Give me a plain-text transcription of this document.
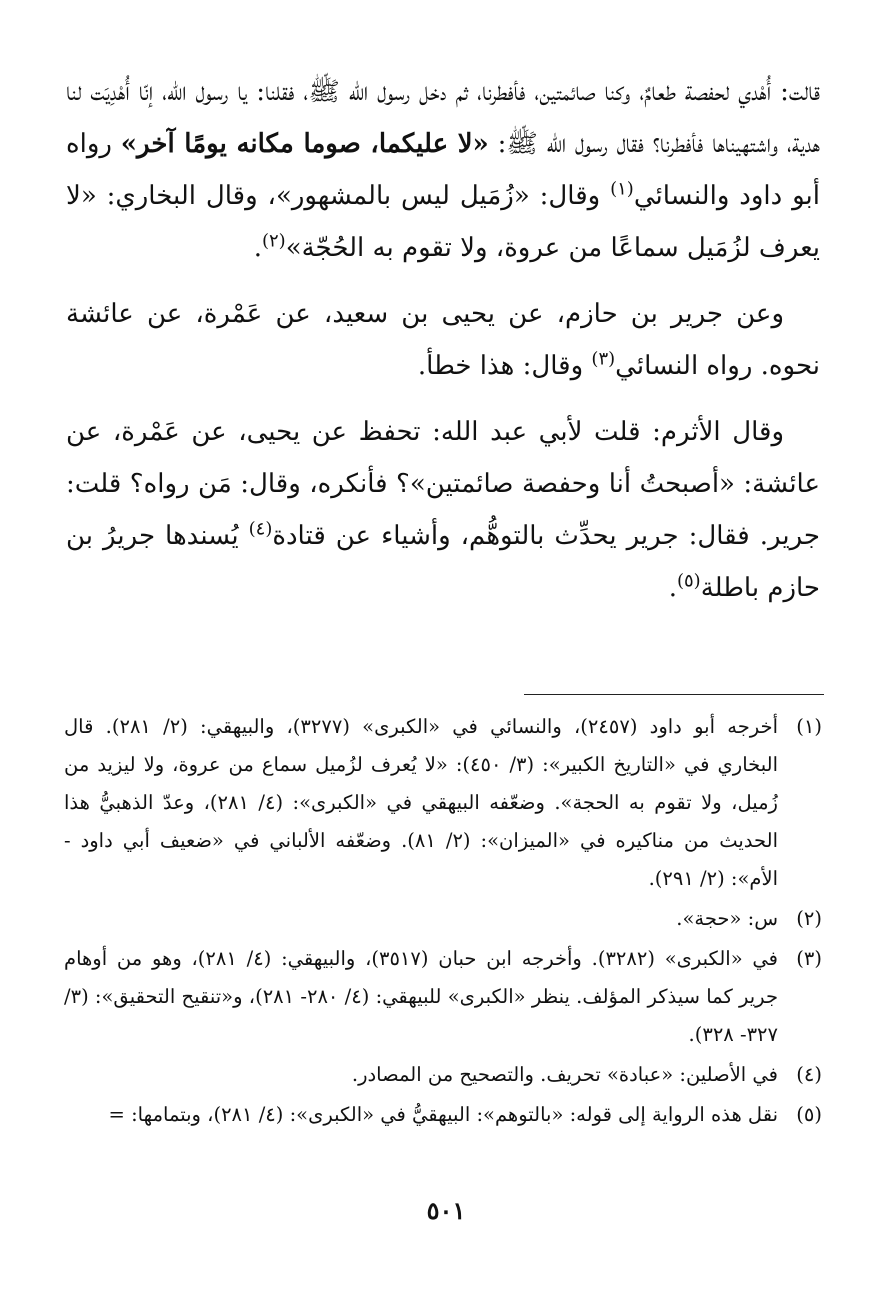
قالت: أُهْدي لحفصة طعامٌ، وكنا صائمتين، فأفطرنا، ثم دخل رسول الله ﷺ، فقلنا: يا رسول الله، إنّا أُهْدِيَت لنا هدية، واشتهيناها فأفطرنا؟ فقال رسول الله ﷺ: «لا عليكما، صوما مكانه يومًا آخر» رواه أبو داود والنسائي$^{(١)}$ وقال: «زُمَيل ليس بالمشهور»، وقال البخاري: «لا يعرف لزُمَيل سماعًا من عروة، ولا تقوم به الحُجّة»$^{(٢)}$.

وعن جرير بن حازم، عن يحيى بن سعيد، عن عَمْرة، عن عائشة نحوه. رواه النسائي$^{(٣)}$ وقال: هذا خطأ.

وقال الأثرم: قلت لأبي عبد الله: تحفظ عن يحيى، عن عَمْرة، عن عائشة: «أصبحتُ أنا وحفصة صائمتين»؟ فأنكره، وقال: مَن رواه؟ قلت: جرير. فقال: جرير يحدِّث بالتوهُّم، وأشياء عن قتادة$^{(٤)}$ يُسندها جريرُ بن حازم باطلة$^{(٥)}$.

(١)
أخرجه أبو داود (٢٤٥٧)، والنسائي في «الكبرى» (٣٢٧٧)، والبيهقي: (٢/ ٢٨١). قال البخاري في «التاريخ الكبير»: (٣/ ٤٥٠): «لا يُعرف لزُميل سماع من عروة، ولا ليزيد من زُميل، ولا تقوم به الحجة». وضعّفه البيهقي في «الكبرى»: (٤/ ٢٨١)، وعدّ الذهبيُّ هذا الحديث من مناكيره في «الميزان»: (٢/ ٨١). وضعّفه الألباني في «ضعيف أبي داود - الأم»: (٢/ ٢٩١).
(٢)
س: «حجة».
(٣)
في «الكبرى» (٣٢٨٢). وأخرجه ابن حبان (٣٥١٧)، والبيهقي: (٤/ ٢٨١)، وهو من أوهام جرير كما سيذكر المؤلف. ينظر «الكبرى» للبيهقي: (٤/ ٢٨٠- ٢٨١)، و«تنقيح التحقيق»: (٣/ ٣٢٧- ٣٢٨).
(٤)
في الأصلين: «عبادة» تحريف. والتصحيح من المصادر.
(٥)
نقل هذه الرواية إلى قوله: «بالتوهم»: البيهقيُّ في «الكبرى»: (٤/ ٢٨١)، وبتمامها: =
٥٠١
